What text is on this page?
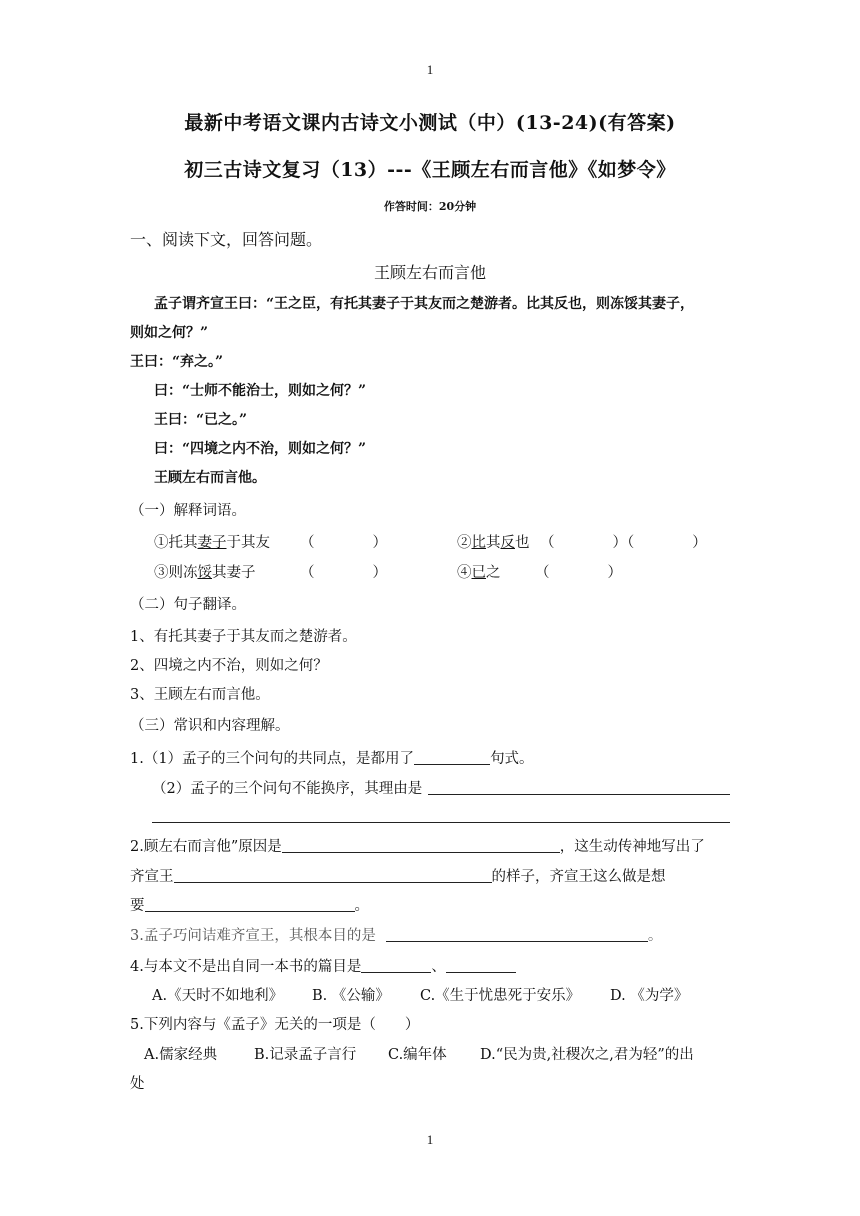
1
最新中考语文课内古诗文小测试（中）(13-24)(有答案)
初三古诗文复习（13）---《王顾左右而言他》《如梦令》
作答时间：20分钟
一、阅读下文，回答问题。
王顾左右而言他
孟子谓齐宣王曰：“王之臣，有托其妻子于其友而之楚游者。比其反也，则冻馁其妻子，
则如之何？”
王曰：“弃之。”
曰：“士师不能治士，则如之何？”
王曰：“已之。”
曰：“四境之内不治，则如之何？”
王顾左右而言他。
（一）解释词语。
①托其妻子于其友 （　　　　）	②比其反也 （　　　　）（　　　　）
③则冻馁其妻子	（　　　　）	④已之 （　　　　）
（二）句子翻译。
1、有托其妻子于其友而之楚游者。
2、四境之内不治，则如之何？
3、王顾左右而言他。
（三）常识和内容理解。
1.（1）孟子的三个问句的共同点，是都用了	句式。
（2）孟子的三个问句不能换序，其理由是
2.顾左右而言他”原因是	，这生动传神地写出了
齐宣王	的样子，齐宣王这么做是想
要	。
3.孟子巧问诘难齐宣王，其根本目的是	。
4.与本文不是出自同一本书的篇目是	、
A.《天时不如地利》 B. 《公输》 C.《生于忧患死于安乐》 D. 《为学》
5.下列内容与《孟子》无关的一项是（　　）
A.儒家经典	B.记录孟子言行 C.编年体 D.“民为贵,社稷次之,君为轻”的出
处
1
